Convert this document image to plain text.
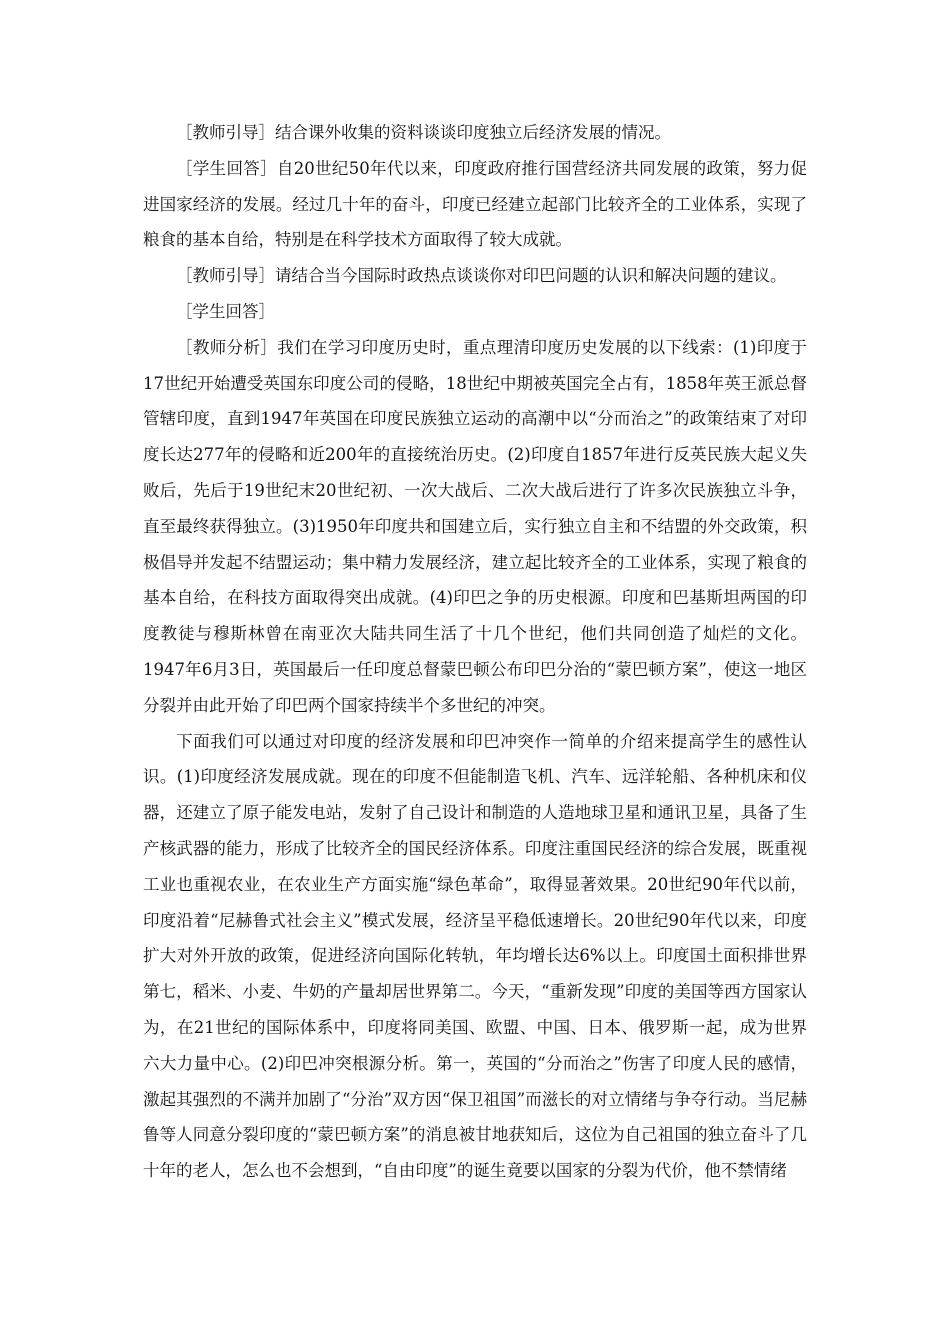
［教师引导］结合课外收集的资料谈谈印度独立后经济发展的情况。

［学生回答］自20世纪50年代以来，印度政府推行国营经济共同发展的政策，努力促进国家经济的发展。经过几十年的奋斗，印度已经建立起部门比较齐全的工业体系，实现了粮食的基本自给，特别是在科学技术方面取得了较大成就。

［教师引导］请结合当今国际时政热点谈谈你对印巴问题的认识和解决问题的建议。

［学生回答］

［教师分析］我们在学习印度历史时，重点理清印度历史发展的以下线索：(1)印度于17世纪开始遭受英国东印度公司的侵略，18世纪中期被英国完全占有，1858年英王派总督管辖印度，直到1947年英国在印度民族独立运动的高潮中以“分而治之”的政策结束了对印度长达277年的侵略和近200年的直接统治历史。(2)印度自1857年进行反英民族大起义失败后，先后于19世纪末20世纪初、一次大战后、二次大战后进行了许多次民族独立斗争，直至最终获得独立。(3)1950年印度共和国建立后，实行独立自主和不结盟的外交政策，积极倡导并发起不结盟运动；集中精力发展经济，建立起比较齐全的工业体系，实现了粮食的基本自给，在科技方面取得突出成就。(4)印巴之争的历史根源。印度和巴基斯坦两国的印度教徒与穆斯林曾在南亚次大陆共同生活了十几个世纪，他们共同创造了灿烂的文化。1947年6月3日，英国最后一任印度总督蒙巴顿公布印巴分治的“蒙巴顿方案”，使这一地区分裂并由此开始了印巴两个国家持续半个多世纪的冲突。

下面我们可以通过对印度的经济发展和印巴冲突作一简单的介绍来提高学生的感性认识。(1)印度经济发展成就。现在的印度不但能制造飞机、汽车、远洋轮船、各种机床和仪器，还建立了原子能发电站，发射了自己设计和制造的人造地球卫星和通讯卫星，具备了生产核武器的能力，形成了比较齐全的国民经济体系。印度注重国民经济的综合发展，既重视工业也重视农业，在农业生产方面实施“绿色革命”，取得显著效果。20世纪90年代以前，印度沿着“尼赫鲁式社会主义”模式发展，经济呈平稳低速增长。20世纪90年代以来，印度扩大对外开放的政策，促进经济向国际化转轨，年均增长达6%以上。印度国土面积排世界第七，稻米、小麦、牛奶的产量却居世界第二。今天，“重新发现”印度的美国等西方国家认为，在21世纪的国际体系中，印度将同美国、欧盟、中国、日本、俄罗斯一起，成为世界六大力量中心。(2)印巴冲突根源分析。第一，英国的“分而治之”伤害了印度人民的感情，激起其强烈的不满并加剧了“分治”双方因“保卫祖国”而滋长的对立情绪与争夺行动。当尼赫鲁等人同意分裂印度的“蒙巴顿方案”的消息被甘地获知后，这位为自己祖国的独立奋斗了几十年的老人，怎么也不会想到，“自由印度”的诞生竟要以国家的分裂为代价，他不禁情绪
